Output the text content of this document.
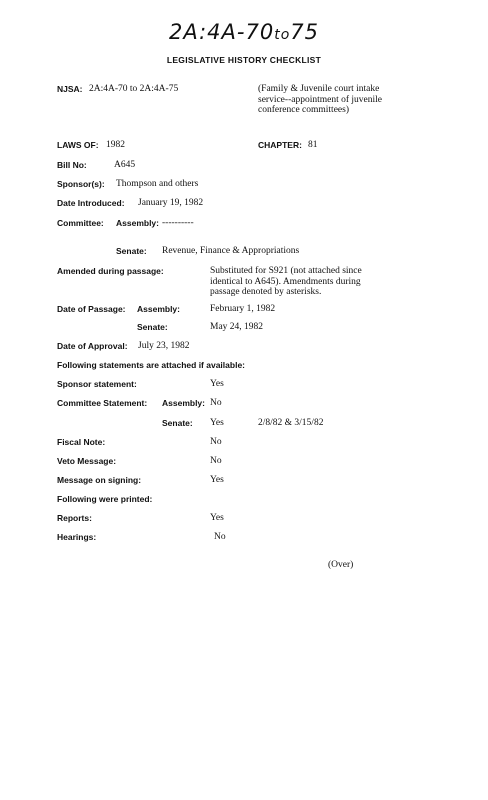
2A:4A-70to75
LEGISLATIVE HISTORY CHECKLIST
NJSA: 2A:4A-70 to 2A:4A-75	(Family & Juvenile court intake
service--appointment of juvenile
conference committees)
LAWS OF: 1982	CHAPTER: 81
Bill No:	A645
Sponsor(s): Thompson and others
Date Introduced: January 19, 1982
Committee: Assembly: ----------
Senate: Revenue, Finance & Appropriations
Amended during passage:	Substituted for S921 (not attached since
identical to A645). Amendments during
passage denoted by asterisks.
Date of Passage: Assembly:	February 1, 1982
Senate:	May 24, 1982
Date of Approval: July 23, 1982
Following statements are attached if available:
Sponsor statement:	Yes
Committee Statement: Assembly: No
Senate: Yes	2/8/82 & 3/15/82
Fiscal Note:	No
Veto Message:	No
Message on signing:	Yes
Following were printed:
Reports:	Yes
Hearings:	No
(Over)
